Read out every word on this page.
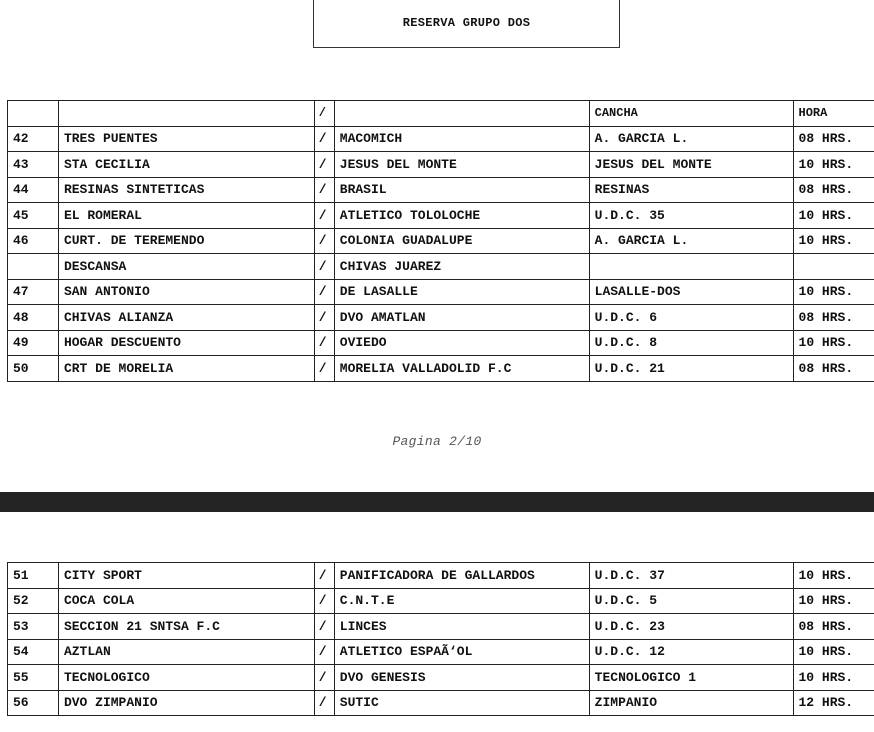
RESERVA GRUPO DOS
		/		CANCHA	HORA
42	TRES PUENTES	/	MACOMICH	A. GARCIA L.	08 HRS.
43	STA CECILIA	/	JESUS DEL MONTE	JESUS DEL MONTE	10 HRS.
44	RESINAS SINTETICAS	/	BRASIL	RESINAS	08 HRS.
45	EL ROMERAL	/	ATLETICO TOLOLOCHE	U.D.C. 35	10 HRS.
46	CURT. DE TEREMENDO	/	COLONIA GUADALUPE	A. GARCIA L.	10 HRS.
	DESCANSA	/	CHIVAS JUAREZ		
47	SAN ANTONIO	/	DE LASALLE	LASALLE-DOS	10 HRS.
48	CHIVAS ALIANZA	/	DVO AMATLAN	U.D.C. 6	08 HRS.
49	HOGAR DESCUENTO	/	OVIEDO	U.D.C. 8	10 HRS.
50	CRT DE MORELIA	/	MORELIA VALLADOLID F.C	U.D.C. 21	08 HRS.
Pagina 2/10
51	CITY SPORT	/	PANIFICADORA DE GALLARDOS	U.D.C. 37	10 HRS.
52	COCA COLA	/	C.N.T.E	U.D.C. 5	10 HRS.
53	SECCION 21 SNTSA F.C	/	LINCES	U.D.C. 23	08 HRS.
54	AZTLAN	/	ATLETICO ESPAÃ‘OL	U.D.C. 12	10 HRS.
55	TECNOLOGICO	/	DVO GENESIS	TECNOLOGICO 1	10 HRS.
56	DVO ZIMPANIO	/	SUTIC	ZIMPANIO	12 HRS.
